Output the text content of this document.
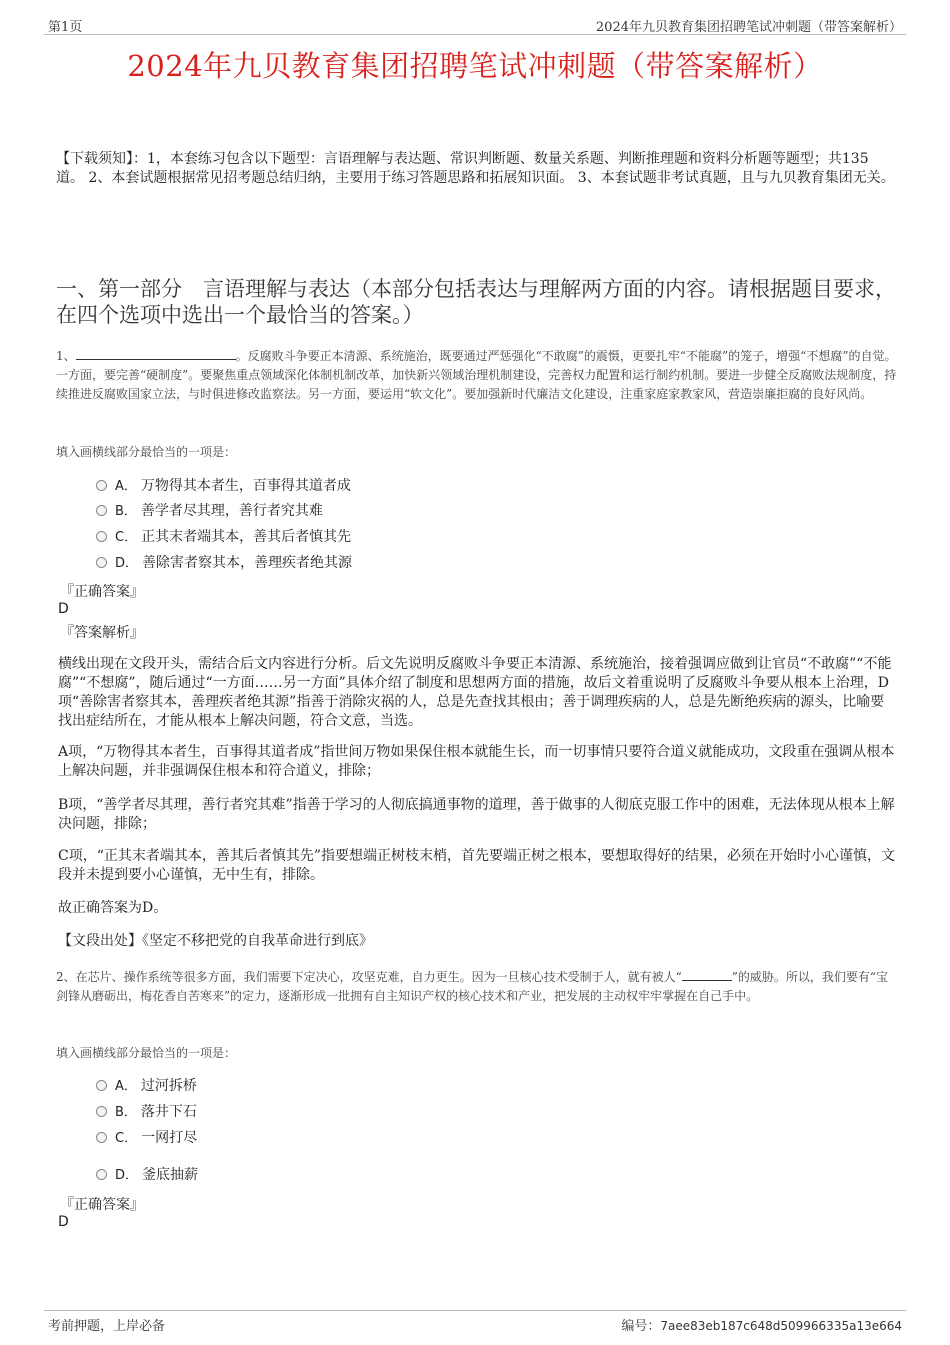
第1页	2024年九贝教育集团招聘笔试冲刺题（带答案解析）
2024年九贝教育集团招聘笔试冲刺题（带答案解析）
【下载须知】：1，本套练习包含以下题型：言语理解与表达题、常识判断题、数量关系题、判断推理题和资料分析题等题型；共135道。 2、本套试题根据常见招考题总结归纳，主要用于练习答题思路和拓展知识面。 3、本套试题非考试真题，且与九贝教育集团无关。
一、第一部分　言语理解与表达（本部分包括表达与理解两方面的内容。请根据题目要求，在四个选项中选出一个最恰当的答案。）
1、	。反腐败斗争要正本清源、系统施治，既要通过严惩强化“不敢腐”的震慑，更要扎牢“不能腐”的笼子，增强“不想腐”的自觉。一方面，要完善“硬制度”。要聚焦重点领域深化体制机制改革，加快新兴领域治理机制建设，完善权力配置和运行制约机制。要进一步健全反腐败法规制度，持续推进反腐败国家立法，与时俱进修改监察法。另一方面，要运用“软文化”。要加强新时代廉洁文化建设，注重家庭家教家风，营造崇廉拒腐的良好风尚。
填入画横线部分最恰当的一项是：
A． 万物得其本者生，百事得其道者成
B． 善学者尽其理，善行者究其难
C． 正其末者端其本，善其后者慎其先
D． 善除害者察其本，善理疾者绝其源
『正确答案』
D
『答案解析』
横线出现在文段开头，需结合后文内容进行分析。后文先说明反腐败斗争要正本清源、系统施治，接着强调应做到让官员“不敢腐”“不能腐”“不想腐”，随后通过“一方面……另一方面”具体介绍了制度和思想两方面的措施，故后文着重说明了反腐败斗争要从根本上治理，D项“善除害者察其本，善理疾者绝其源”指善于消除灾祸的人，总是先查找其根由；善于调理疾病的人，总是先断绝疾病的源头，比喻要找出症结所在，才能从根本上解决问题，符合文意，当选。
A项，“万物得其本者生，百事得其道者成”指世间万物如果保住根本就能生长，而一切事情只要符合道义就能成功，文段重在强调从根本上解决问题，并非强调保住根本和符合道义，排除；
B项，“善学者尽其理，善行者究其难”指善于学习的人彻底搞通事物的道理，善于做事的人彻底克服工作中的困难，无法体现从根本上解决问题，排除；
C项，“正其末者端其本，善其后者慎其先”指要想端正树枝末梢，首先要端正树之根本，要想取得好的结果，必须在开始时小心谨慎，文段并未提到要小心谨慎，无中生有，排除。
故正确答案为D。
【文段出处】《坚定不移把党的自我革命进行到底》
2、在芯片、操作系统等很多方面，我们需要下定决心，攻坚克难，自力更生。因为一旦核心技术受制于人，就有被人“	”的威胁。所以，我们要有“宝剑锋从磨砺出，梅花香自苦寒来”的定力，逐渐形成一批拥有自主知识产权的核心技术和产业，把发展的主动权牢牢掌握在自己手中。
填入画横线部分最恰当的一项是：
A． 过河拆桥
B． 落井下石
C． 一网打尽
D． 釜底抽薪
『正确答案』
D
考前押题，上岸必备	编号：7aee83eb187c648d509966335a13e664
